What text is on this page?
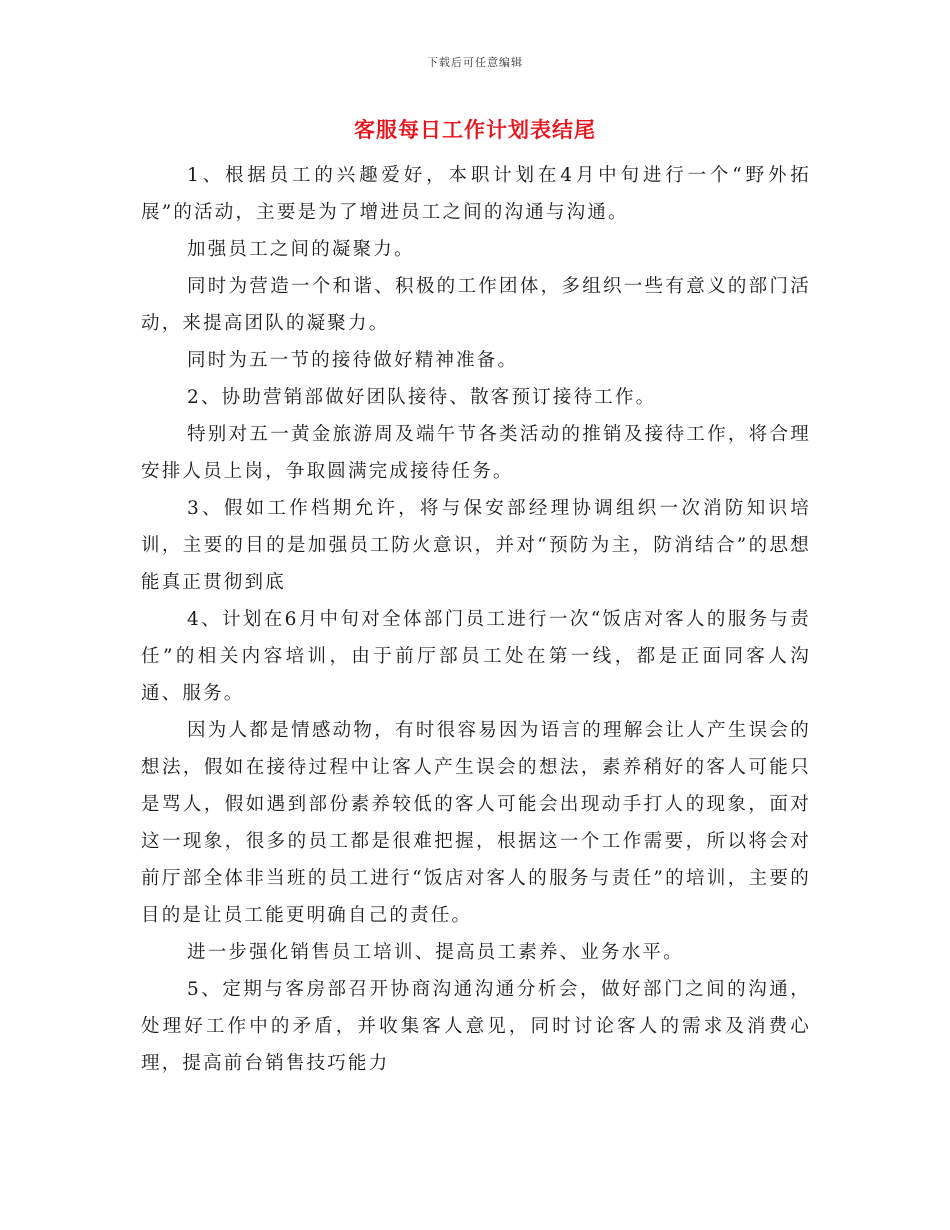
下载后可任意编辑
客服每日工作计划表结尾

1、根据员工的兴趣爱好，本职计划在4月中旬进行一个“野外拓展”的活动，主要是为了增进员工之间的沟通与沟通。

加强员工之间的凝聚力。

同时为营造一个和谐、积极的工作团体，多组织一些有意义的部门活动，来提高团队的凝聚力。

同时为五一节的接待做好精神准备。

2、协助营销部做好团队接待、散客预订接待工作。

特别对五一黄金旅游周及端午节各类活动的推销及接待工作，将合理安排人员上岗，争取圆满完成接待任务。

3、假如工作档期允许，将与保安部经理协调组织一次消防知识培训，主要的目的是加强员工防火意识，并对“预防为主，防消结合”的思想能真正贯彻到底

4、计划在6月中旬对全体部门员工进行一次“饭店对客人的服务与责任”的相关内容培训，由于前厅部员工处在第一线，都是正面同客人沟通、服务。

因为人都是情感动物，有时很容易因为语言的理解会让人产生误会的想法，假如在接待过程中让客人产生误会的想法，素养稍好的客人可能只是骂人，假如遇到部份素养较低的客人可能会出现动手打人的现象，面对这一现象，很多的员工都是很难把握，根据这一个工作需要，所以将会对前厅部全体非当班的员工进行“饭店对客人的服务与责任”的培训，主要的目的是让员工能更明确自己的责任。

进一步强化销售员工培训、提高员工素养、业务水平。

5、定期与客房部召开协商沟通沟通分析会，做好部门之间的沟通，处理好工作中的矛盾，并收集客人意见，同时讨论客人的需求及消费心理，提高前台销售技巧能力
